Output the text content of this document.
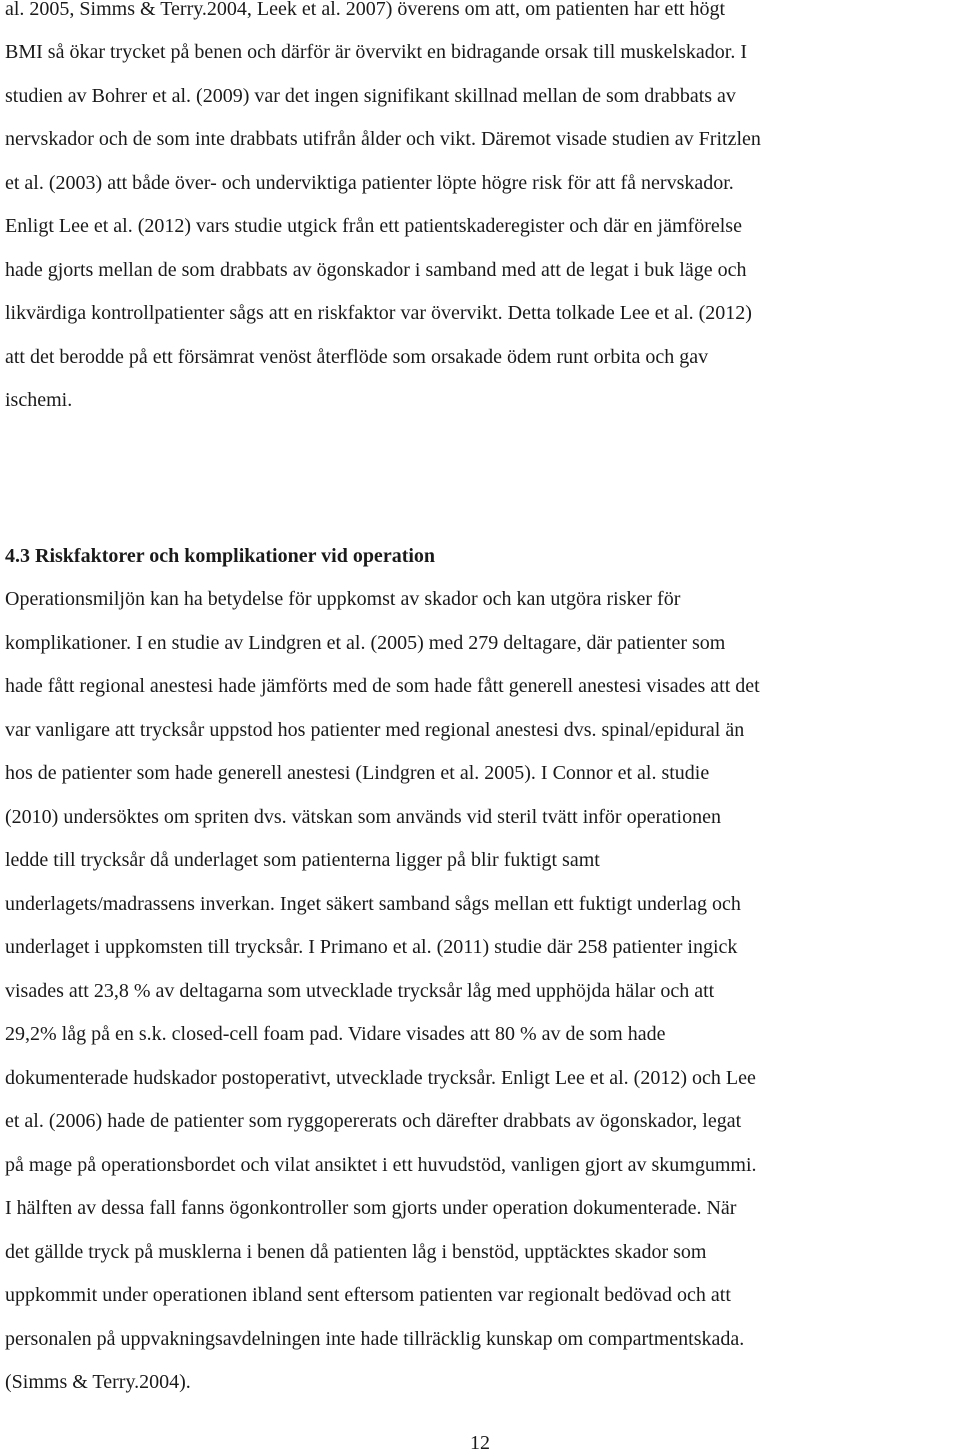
al. 2005, Simms & Terry.2004, Leek et al. 2007) överens om att, om patienten har ett högt

BMI så ökar trycket på benen och därför är övervikt en bidragande orsak till muskelskador. I

studien av Bohrer et al. (2009) var det ingen signifikant skillnad mellan de som drabbats av

nervskador och de som inte drabbats utifrån ålder och vikt. Däremot visade studien av Fritzlen

et al. (2003) att både över- och underviktiga patienter löpte högre risk för att få nervskador.

Enligt Lee et al. (2012) vars studie utgick från ett patientskaderegister och där en jämförelse

hade gjorts mellan de som drabbats av ögonskador i samband med att de legat i buk läge och

likvärdiga kontrollpatienter sågs att en riskfaktor var övervikt. Detta tolkade Lee et al. (2012)

att det berodde på ett försämrat venöst återflöde som orsakade ödem runt orbita och gav

ischemi.

4.3 Riskfaktorer och komplikationer vid operation

Operationsmiljön kan ha betydelse för uppkomst av skador och kan utgöra risker för

komplikationer. I en studie av Lindgren et al. (2005) med 279 deltagare, där patienter som

hade fått regional anestesi hade jämförts med de som hade fått generell anestesi visades att det

var vanligare att trycksår uppstod hos patienter med regional anestesi dvs. spinal/epidural än

hos de patienter som hade generell anestesi (Lindgren et al. 2005). I Connor et al. studie

(2010) undersöktes om spriten dvs. vätskan som används vid steril tvätt inför operationen

ledde till trycksår då underlaget som patienterna ligger på blir fuktigt samt

underlagets/madrassens inverkan. Inget säkert samband sågs mellan ett fuktigt underlag och

underlaget i uppkomsten till trycksår. I Primano et al. (2011) studie där 258 patienter ingick

visades att 23,8 % av deltagarna som utvecklade trycksår låg med upphöjda hälar och att

29,2% låg på en s.k. closed-cell foam pad. Vidare visades att 80 % av de som hade

dokumenterade hudskador postoperativt, utvecklade trycksår. Enligt Lee et al. (2012) och Lee

et al. (2006) hade de patienter som ryggopererats och därefter drabbats av ögonskador, legat

på mage på operationsbordet och vilat ansiktet i ett huvudstöd, vanligen gjort av skumgummi.

I hälften av dessa fall fanns ögonkontroller som gjorts under operation dokumenterade. När

det gällde tryck på musklerna i benen då patienten låg i benstöd, upptäcktes skador som

uppkommit under operationen ibland sent eftersom patienten var regionalt bedövad och att

personalen på uppvakningsavdelningen inte hade tillräcklig kunskap om compartmentskada.

(Simms & Terry.2004).

12
